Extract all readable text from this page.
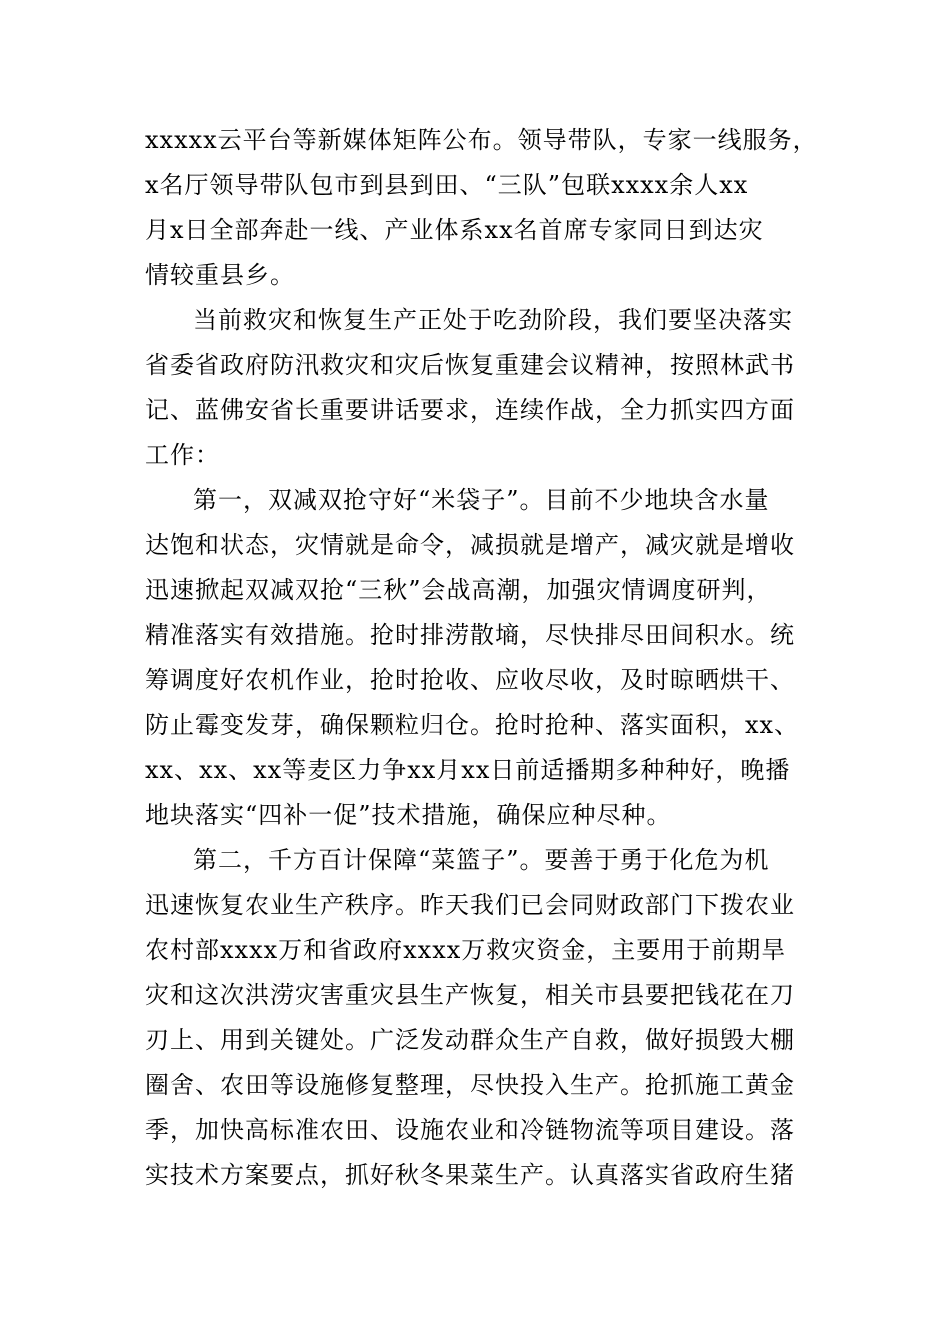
xxxxx云平台等新媒体矩阵公布。领导带队，专家一线服务，
x名厅领导带队包市到县到田、“三队”包联xxxx余人xx
月x日全部奔赴一线、产业体系xx名首席专家同日到达灾
情较重县乡。

当前救灾和恢复生产正处于吃劲阶段，我们要坚决落实
省委省政府防汛救灾和灾后恢复重建会议精神，按照林武书
记、蓝佛安省长重要讲话要求，连续作战，全力抓实四方面
工作：

第一，双减双抢守好“米袋子”。目前不少地块含水量
达饱和状态，灾情就是命令，减损就是增产，减灾就是增收
迅速掀起双减双抢“三秋”会战高潮，加强灾情调度研判，
精准落实有效措施。抢时排涝散墒，尽快排尽田间积水。统
筹调度好农机作业，抢时抢收、应收尽收，及时晾晒烘干、
防止霉变发芽，确保颗粒归仓。抢时抢种、落实面积，xx、
xx、xx、xx等麦区力争xx月xx日前适播期多种种好，晚播
地块落实“四补一促”技术措施，确保应种尽种。

第二，千方百计保障“菜篮子”。要善于勇于化危为机
迅速恢复农业生产秩序。昨天我们已会同财政部门下拨农业
农村部xxxx万和省政府xxxx万救灾资金，主要用于前期旱
灾和这次洪涝灾害重灾县生产恢复，相关市县要把钱花在刀
刃上、用到关键处。广泛发动群众生产自救，做好损毁大棚
圈舍、农田等设施修复整理，尽快投入生产。抢抓施工黄金
季，加快高标准农田、设施农业和冷链物流等项目建设。落
实技术方案要点，抓好秋冬果菜生产。认真落实省政府生猪
